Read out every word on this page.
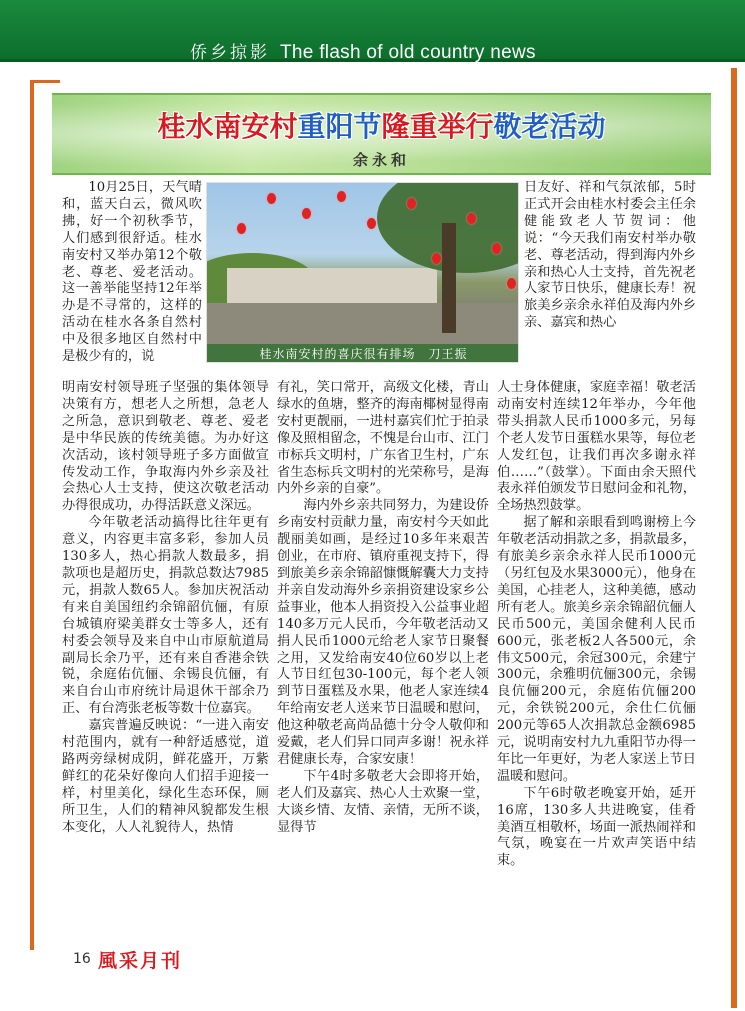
侨乡掠影 The flash of old country news
桂水南安村重阳节隆重举行敬老活动
余永和

10月25日，天气晴和，蓝天白云，微风吹拂，好一个初秋季节，人们感到很舒适。桂水南安村又举办第12个敬老、尊老、爱老活动。这一善举能坚持12年举办是不寻常的，这样的活动在桂水各条自然村中及很多地区自然村中是极少有的，说	桂水南安村的喜庆很有排场　刀王振

明南安村领导班子坚强的集体领导决策有方，想老人之所想，急老人之所急，意识到敬老、尊老、爱老是中华民族的传统美德。为办好这次活动，该村领导班子多方面做宣传发动工作，争取海内外乡亲及社会热心人士支持，使这次敬老活动办得很成功，办得活跃意义深远。

今年敬老活动搞得比往年更有意义，内容更丰富多彩，参加人员130多人，热心捐款人数最多，捐款项也是超历史，捐款总数达7985元，捐款人数65人。参加庆祝活动有来自美国纽约余锦韶伉俪，有原台城镇府梁美群女士等多人，还有村委会领导及来自中山市原航道局副局长余乃平，还有来自香港余铁锐，余庭佑伉俪、余锡良伉俪，有来自台山市府统计局退休干部余乃正、有台湾张老板等数十位嘉宾。

嘉宾普遍反映说：“一进入南安村范围内，就有一种舒适感觉，道路两旁绿树成阴，鲜花盛开，万紫鲜红的花朵好像向人们招手迎接一样，村里美化，绿化生态环保，厕所卫生，人们的精神风貌都发生根本变化，人人礼貌待人，热情

有礼，笑口常开，高级文化楼，青山绿水的鱼塘，整齐的海南椰树显得南安村更靓丽，一进村嘉宾们忙于拍录像及照相留念，不愧是台山市、江门市标兵文明村，广东省卫生村，广东省生态标兵文明村的光荣称号，是海内外乡亲的自豪”。

海内外乡亲共同努力，为建设侨乡南安村贡献力量，南安村今天如此靓丽美如画，是经过10多年来艰苦创业，在市府、镇府重视支持下，得到旅美乡亲余锦韶慷慨解囊大力支持并亲自发动海外乡亲捐资建设家乡公益事业，他本人捐资投入公益事业超140多万元人民币，今年敬老活动又捐人民币1000元给老人家节日聚餐之用，又发给南安40位60岁以上老人节日红包30-100元，每个老人领到节日蛋糕及水果，他老人家连续4年给南安老人送来节日温暖和慰问，他这种敬老高尚品德十分令人敬仰和爱戴，老人们异口同声多谢！祝永祥君健康长寿，合家安康！

下午4时多敬老大会即将开始，老人们及嘉宾、热心人士欢聚一堂，大谈乡情、友情、亲情，无所不谈，显得节

日友好、祥和气氛浓郁，5时正式开会由桂水村委会主任余健能致老人节贺词：他说：“今天我们南安村举办敬老、尊老活动，得到海内外乡亲和热心人士支持，首先祝老人家节日快乐，健康长寿！祝旅美乡亲余永祥伯及海内外乡亲、嘉宾和热心

人士身体健康，家庭幸福！敬老活动南安村连续12年举办，今年他带头捐款人民币1000多元，另每个老人发节日蛋糕水果等，每位老人发红包，让我们再次多谢永祥伯……”（鼓掌）。下面由余天照代表永祥伯颁发节日慰问金和礼物，全场热烈鼓掌。

据了解和亲眼看到鸣谢榜上今年敬老活动捐款之多，捐款最多，有旅美乡亲余永祥人民币1000元（另红包及水果3000元），他身在美国，心挂老人，这种美德，感动所有老人。旅美乡亲余锦韶伉俪人民币500元，美国余健利人民币600元，张老板2人各500元，余伟文500元，余冠300元，余建宁300元，余雅明伉俪300元，余锡良伉俪200元，余庭佑伉俪200元，余铁锐200元，余仕仁伉俪200元等65人次捐款总金额6985元，说明南安村九九重阳节办得一年比一年更好，为老人家送上节日温暖和慰问。

下午6时敬老晚宴开始，延开16席，130多人共进晚宴，佳肴美酒互相敬杯，场面一派热闹祥和气氛，晚宴在一片欢声笑语中结束。

16 風采月刊
